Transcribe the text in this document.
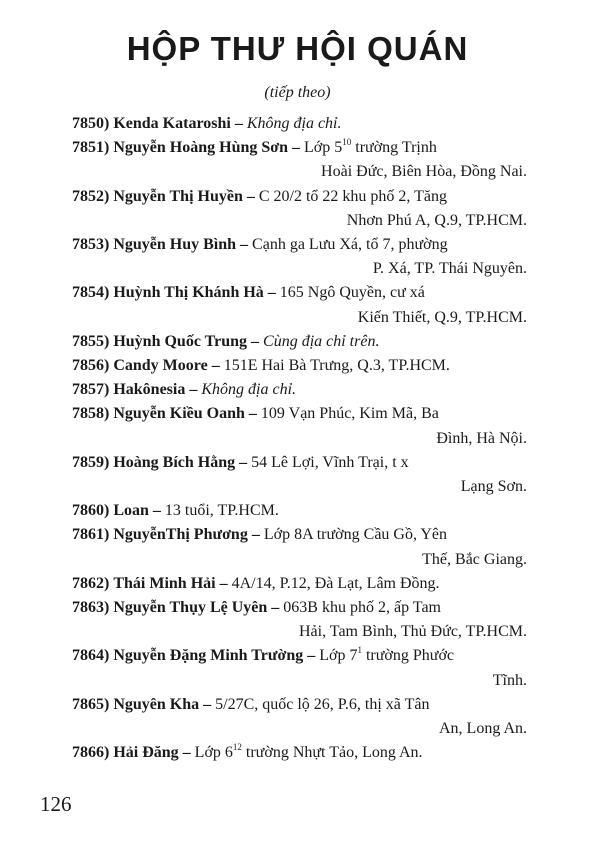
HỘP THƯ HỘI QUÁN
(tiếp theo)
7850) Kenda Kataroshi – Không địa chỉ.
7851) Nguyễn Hoàng Hùng Sơn – Lớp $5^{10}$ trường Trịnh
Hoài Đức, Biên Hòa, Đồng Nai.
7852) Nguyễn Thị Huyền – C 20/2 tổ 22 khu phố 2, Tăng
Nhơn Phú A, Q.9, TP.HCM.
7853) Nguyễn Huy Bình – Cạnh ga Lưu Xá, tổ 7, phường
P. Xá, TP. Thái Nguyên.
7854) Huỳnh Thị Khánh Hà – 165 Ngô Quyền, cư xá
Kiến Thiết, Q.9, TP.HCM.
7855) Huỳnh Quốc Trung – Cùng địa chỉ trên.
7856) Candy Moore – 151E Hai Bà Trưng, Q.3, TP.HCM.
7857) Hakônesia – Không địa chỉ.
7858) Nguyễn Kiều Oanh – 109 Vạn Phúc, Kim Mã, Ba
Đình, Hà Nội.
7859) Hoàng Bích Hằng – 54 Lê Lợi, Vĩnh Trại, t x
Lạng Sơn.
7860) Loan – 13 tuổi, TP.HCM.
7861) NguyễnThị Phương – Lớp 8A trường Cầu Gồ, Yên
Thế, Bắc Giang.
7862) Thái Minh Hải – 4A/14, P.12, Đà Lạt, Lâm Đồng.
7863) Nguyễn Thụy Lệ Uyên – 063B khu phố 2, ấp Tam
Hải, Tam Bình, Thủ Đức, TP.HCM.
7864) Nguyễn Đặng Minh Trường – Lớp $7^1$ trường Phước
Tĩnh.
7865) Nguyên Kha – 5/27C, quốc lộ 26, P.6, thị xã Tân
An, Long An.
7866) Hải Đăng – Lớp $6^{12}$ trường Nhựt Tảo, Long An.
126
